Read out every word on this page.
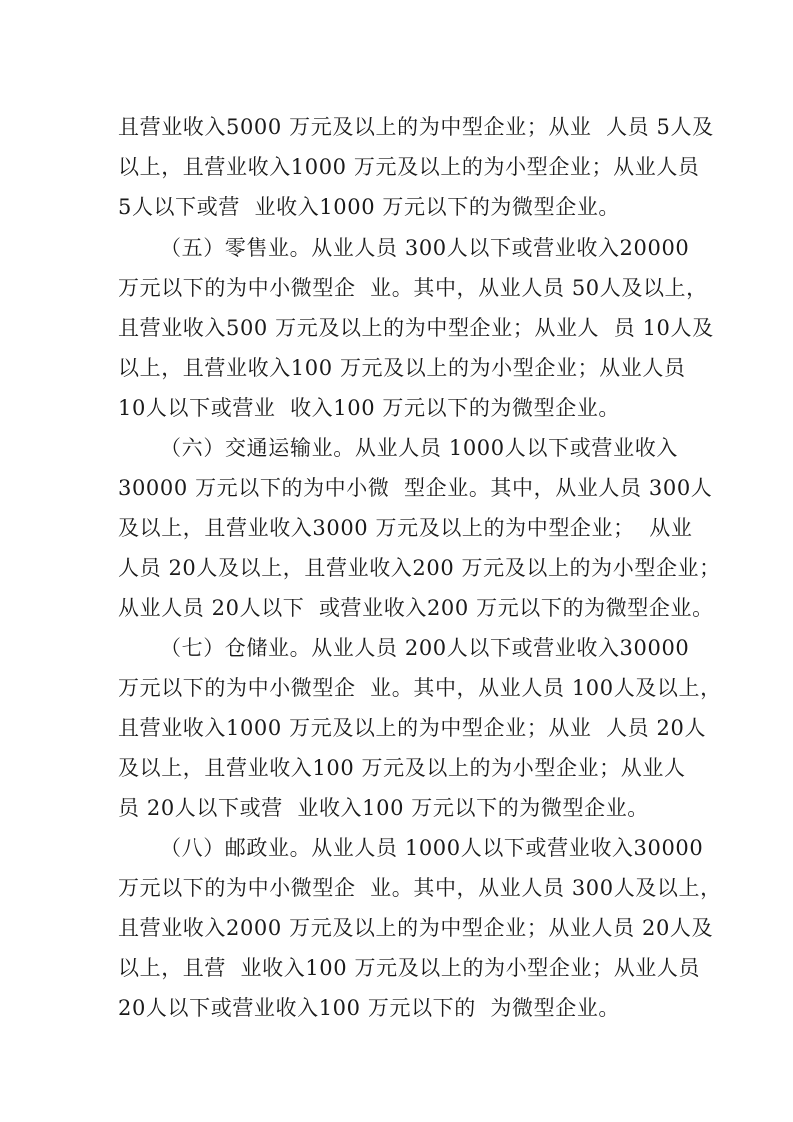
且营业收入5000 万元及以上的为中型企业；从业  人员 5人及
以上，且营业收入1000 万元及以上的为小型企业；从业人员
5人以下或营  业收入1000 万元以下的为微型企业。
（五）零售业。从业人员 300人以下或营业收入20000
万元以下的为中小微型企  业。其中，从业人员 50人及以上，
且营业收入500 万元及以上的为中型企业；从业人  员 10人及
以上，且营业收入100 万元及以上的为小型企业；从业人员
10人以下或营业  收入100 万元以下的为微型企业。
（六）交通运输业。从业人员 1000人以下或营业收入
30000 万元以下的为中小微  型企业。其中，从业人员 300人
及以上，且营业收入3000 万元及以上的为中型企业；  从业
人员 20人及以上，且营业收入200 万元及以上的为小型企业；
从业人员 20人以下  或营业收入200 万元以下的为微型企业。
（七）仓储业。从业人员 200人以下或营业收入30000
万元以下的为中小微型企  业。其中，从业人员 100人及以上，
且营业收入1000 万元及以上的为中型企业；从业  人员 20人
及以上，且营业收入100 万元及以上的为小型企业；从业人
员 20人以下或营  业收入100 万元以下的为微型企业。
（八）邮政业。从业人员 1000人以下或营业收入30000
万元以下的为中小微型企  业。其中，从业人员 300人及以上，
且营业收入2000 万元及以上的为中型企业；从业人员 20人及
以上，且营  业收入100 万元及以上的为小型企业；从业人员
20人以下或营业收入100 万元以下的  为微型企业。
